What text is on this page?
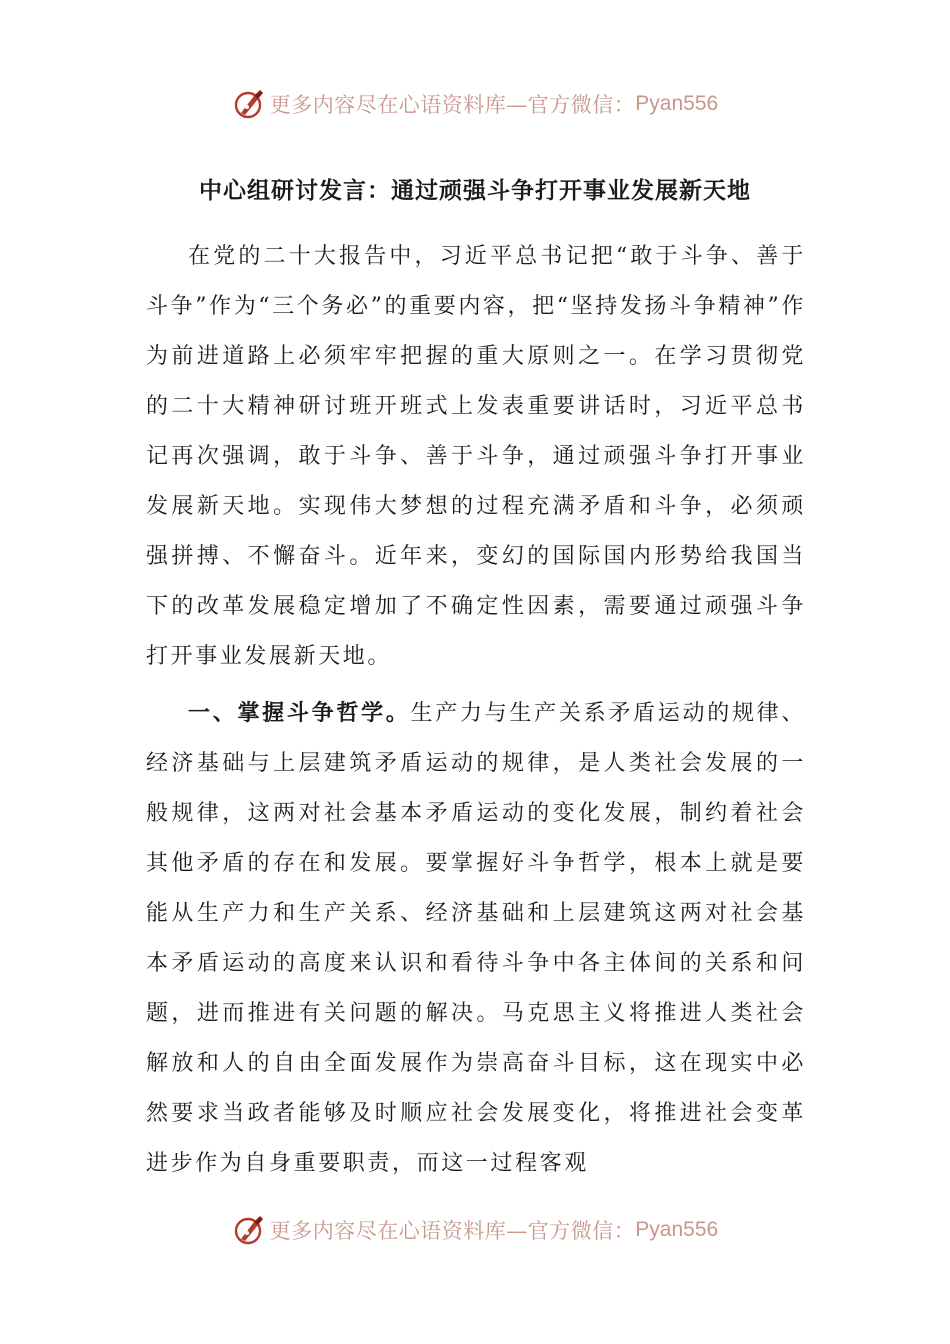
更多内容尽在心语资料库—官方微信： Pyan556
中心组研讨发言：通过顽强斗争打开事业发展新天地

在党的二十大报告中，习近平总书记把“敢于斗争、善于斗争”作为“三个务必”的重要内容，把“坚持发扬斗争精神”作为前进道路上必须牢牢把握的重大原则之一。在学习贯彻党的二十大精神研讨班开班式上发表重要讲话时，习近平总书记再次强调，敢于斗争、善于斗争，通过顽强斗争打开事业发展新天地。实现伟大梦想的过程充满矛盾和斗争，必须顽强拼搏、不懈奋斗。近年来，变幻的国际国内形势给我国当下的改革发展稳定增加了不确定性因素，需要通过顽强斗争打开事业发展新天地。

一、掌握斗争哲学。生产力与生产关系矛盾运动的规律、经济基础与上层建筑矛盾运动的规律，是人类社会发展的一般规律，这两对社会基本矛盾运动的变化发展，制约着社会其他矛盾的存在和发展。要掌握好斗争哲学，根本上就是要能从生产力和生产关系、经济基础和上层建筑这两对社会基本矛盾运动的高度来认识和看待斗争中各主体间的关系和问题，进而推进有关问题的解决。马克思主义将推进人类社会解放和人的自由全面发展作为崇高奋斗目标，这在现实中必然要求当政者能够及时顺应社会发展变化，将推进社会变革进步作为自身重要职责，而这一过程客观

更多内容尽在心语资料库—官方微信： Pyan556
